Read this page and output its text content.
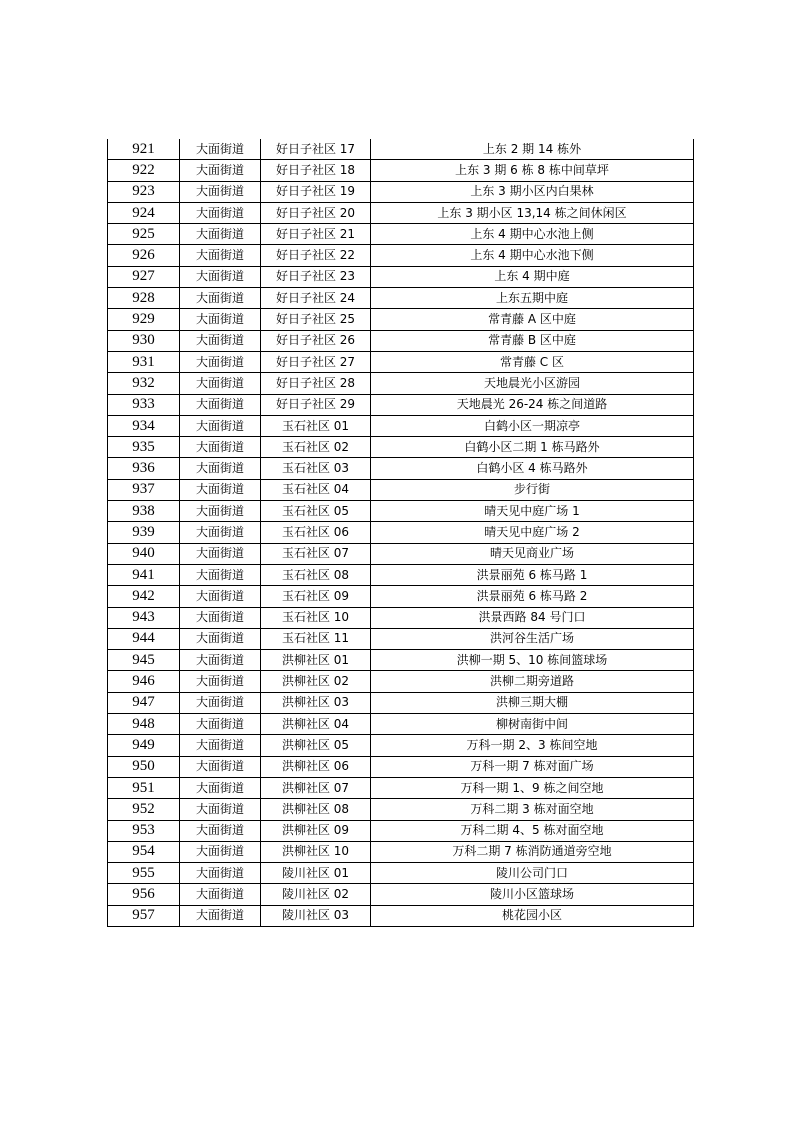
921	大面街道	好日子社区 17	上东 2 期 14 栋外
922	大面街道	好日子社区 18	上东 3 期 6 栋 8 栋中间草坪
923	大面街道	好日子社区 19	上东 3 期小区内白果林
924	大面街道	好日子社区 20	上东 3 期小区 13,14 栋之间休闲区
925	大面街道	好日子社区 21	上东 4 期中心水池上侧
926	大面街道	好日子社区 22	上东 4 期中心水池下侧
927	大面街道	好日子社区 23	上东 4 期中庭
928	大面街道	好日子社区 24	上东五期中庭
929	大面街道	好日子社区 25	常青藤 A 区中庭
930	大面街道	好日子社区 26	常青藤 B 区中庭
931	大面街道	好日子社区 27	常青藤 C 区
932	大面街道	好日子社区 28	天地晨光小区游园
933	大面街道	好日子社区 29	天地晨光 26-24 栋之间道路
934	大面街道	玉石社区 01	白鹤小区一期凉亭
935	大面街道	玉石社区 02	白鹤小区二期 1 栋马路外
936	大面街道	玉石社区 03	白鹤小区 4 栋马路外
937	大面街道	玉石社区 04	步行街
938	大面街道	玉石社区 05	晴天见中庭广场 1
939	大面街道	玉石社区 06	晴天见中庭广场 2
940	大面街道	玉石社区 07	晴天见商业广场
941	大面街道	玉石社区 08	洪景丽苑 6 栋马路 1
942	大面街道	玉石社区 09	洪景丽苑 6 栋马路 2
943	大面街道	玉石社区 10	洪景西路 84 号门口
944	大面街道	玉石社区 11	洪河谷生活广场
945	大面街道	洪柳社区 01	洪柳一期 5、10 栋间篮球场
946	大面街道	洪柳社区 02	洪柳二期旁道路
947	大面街道	洪柳社区 03	洪柳三期大棚
948	大面街道	洪柳社区 04	柳树南街中间
949	大面街道	洪柳社区 05	万科一期 2、3 栋间空地
950	大面街道	洪柳社区 06	万科一期 7 栋对面广场
951	大面街道	洪柳社区 07	万科一期 1、9 栋之间空地
952	大面街道	洪柳社区 08	万科二期 3 栋对面空地
953	大面街道	洪柳社区 09	万科二期 4、5 栋对面空地
954	大面街道	洪柳社区 10	万科二期 7 栋消防通道旁空地
955	大面街道	陵川社区 01	陵川公司门口
956	大面街道	陵川社区 02	陵川小区篮球场
957	大面街道	陵川社区 03	桃花园小区
